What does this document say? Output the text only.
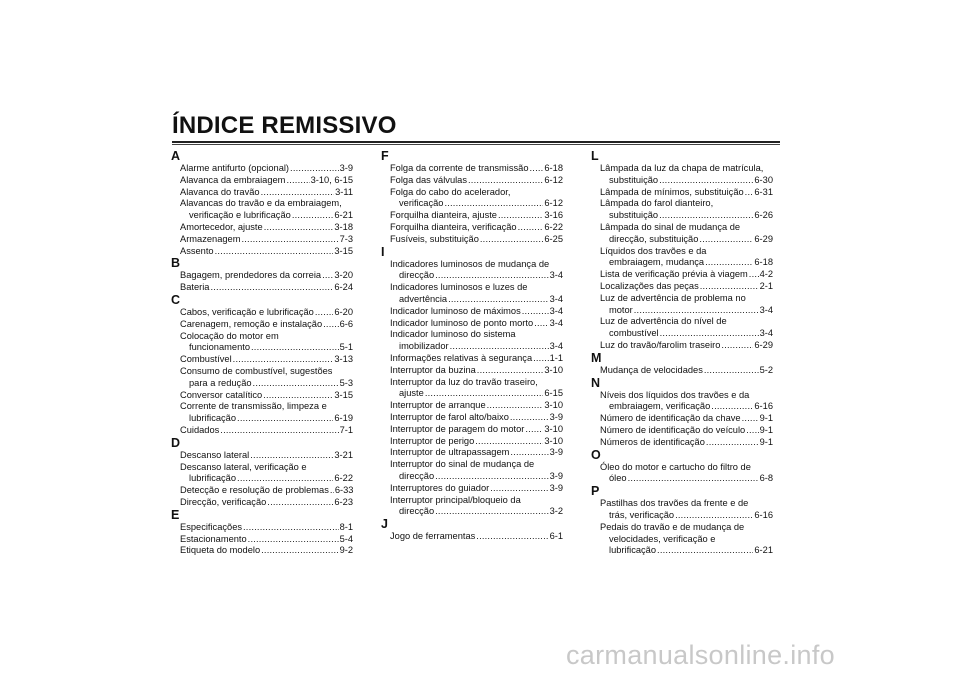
ÍNDICE REMISSIVO
A
Alarme antifurto (opcional) .....	3-9
Alavanca da embraiagem .....	3-10, 6-15
Alavanca do travão .....	3-11
Alavancas do travão e da embraiagem,
verificação e lubrificação .....	6-21
Amortecedor, ajuste .....	3-18
Armazenagem .....	7-3
Assento .....	3-15
B
Bagagem, prendedores da correia ..... 3-20
Bateria .....	6-24
C
Cabos, verificação e lubrificação ..... 6-20
Carenagem, remoção e instalação ..... 6-6
Colocação do motor em
funcionamento .....	5-1
Combustível .....	3-13
Consumo de combustível, sugestões
para a redução .....	5-3
Conversor catalítico .....	3-15
Corrente de transmissão, limpeza e
lubrificação .....	6-19
Cuidados .....	7-1
D
Descanso lateral .....	3-21
Descanso lateral, verificação e
lubrificação .....	6-22
Detecção e resolução de problemas ..... 6-33
Direcção, verificação .....	6-23
E
Especificações .....	8-1
Estacionamento .....	5-4
Etiqueta do modelo .....	9-2
F
Folga da corrente de transmissão ..... 6-18
Folga das válvulas .....	6-12
Folga do cabo do acelerador,
verificação .....	6-12
Forquilha dianteira, ajuste .....	3-16
Forquilha dianteira, verificação .....	6-22
Fusíveis, substituição .....	6-25
I
Indicadores luminosos de mudança de
direcção .....	3-4
Indicadores luminosos e luzes de
advertência .....	3-4
Indicador luminoso de máximos .....	3-4
Indicador luminoso de ponto morto ..... 3-4
Indicador luminoso do sistema
imobilizador .....	3-4
Informações relativas à segurança ..... 1-1
Interruptor da buzina .....	3-10
Interruptor da luz do travão traseiro,
ajuste .....	6-15
Interruptor de arranque .....	3-10
Interruptor de farol alto/baixo .....	3-9
Interruptor de paragem do motor ..... 3-10
Interruptor de perigo .....	3-10
Interruptor de ultrapassagem .....	3-9
Interruptor do sinal de mudança de
direcção .....	3-9
Interruptores do guiador .....	3-9
Interruptor principal/bloqueio da
direcção .....	3-2
J
Jogo de ferramentas .....	6-1
L
Lâmpada da luz da chapa de matrícula,
substituição .....	6-30
Lâmpada de mínimos, substituição ..... 6-31
Lâmpada do farol dianteiro,
substituição .....	6-26
Lâmpada do sinal de mudança de
direcção, substituição .....	6-29
Líquidos dos travões e da
embraiagem, mudança .....	6-18
Lista de verificação prévia à viagem ..... 4-2
Localizações das peças .....	2-1
Luz de advertência de problema no
motor .....	3-4
Luz de advertência do nível de
combustível .....	3-4
Luz do travão/farolim traseiro .....	6-29
M
Mudança de velocidades .....	5-2
N
Níveis dos líquidos dos travões e da
embraiagem, verificação .....	6-16
Número de identificação da chave ..... 9-1
Número de identificação do veículo ..... 9-1
Números de identificação .....	9-1
O
Óleo do motor e cartucho do filtro de
óleo .....	6-8
P
Pastilhas dos travões da frente e de
trás, verificação .....	6-16
Pedais do travão e de mudança de
velocidades, verificação e
lubrificação .....	6-21
carmanualsonline.info
